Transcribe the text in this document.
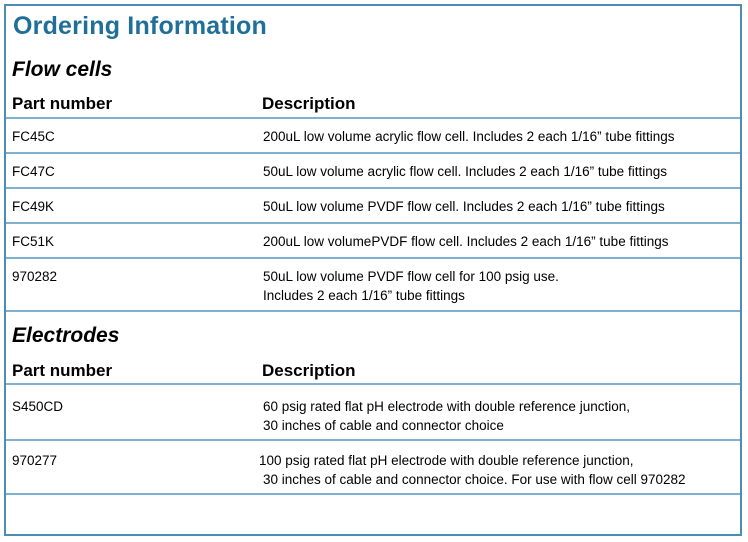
Ordering Information
Flow cells
Part number	Description
FC45C	200uL low volume acrylic flow cell. Includes 2 each 1/16” tube fittings
FC47C	50uL low volume acrylic flow cell. Includes 2 each 1/16” tube fittings
FC49K	50uL low volume PVDF flow cell. Includes 2 each 1/16” tube fittings
FC51K	200uL low volumePVDF flow cell. Includes 2 each 1/16” tube fittings
970282	50uL low volume PVDF flow cell for 100 psig use.
Includes 2 each 1/16” tube fittings
Electrodes
Part number	Description
S450CD	60 psig rated flat pH electrode with double reference junction,
30 inches of cable and connector choice
970277	100 psig rated flat pH electrode with double reference junction,
30 inches of cable and connector choice. For use with flow cell 970282
